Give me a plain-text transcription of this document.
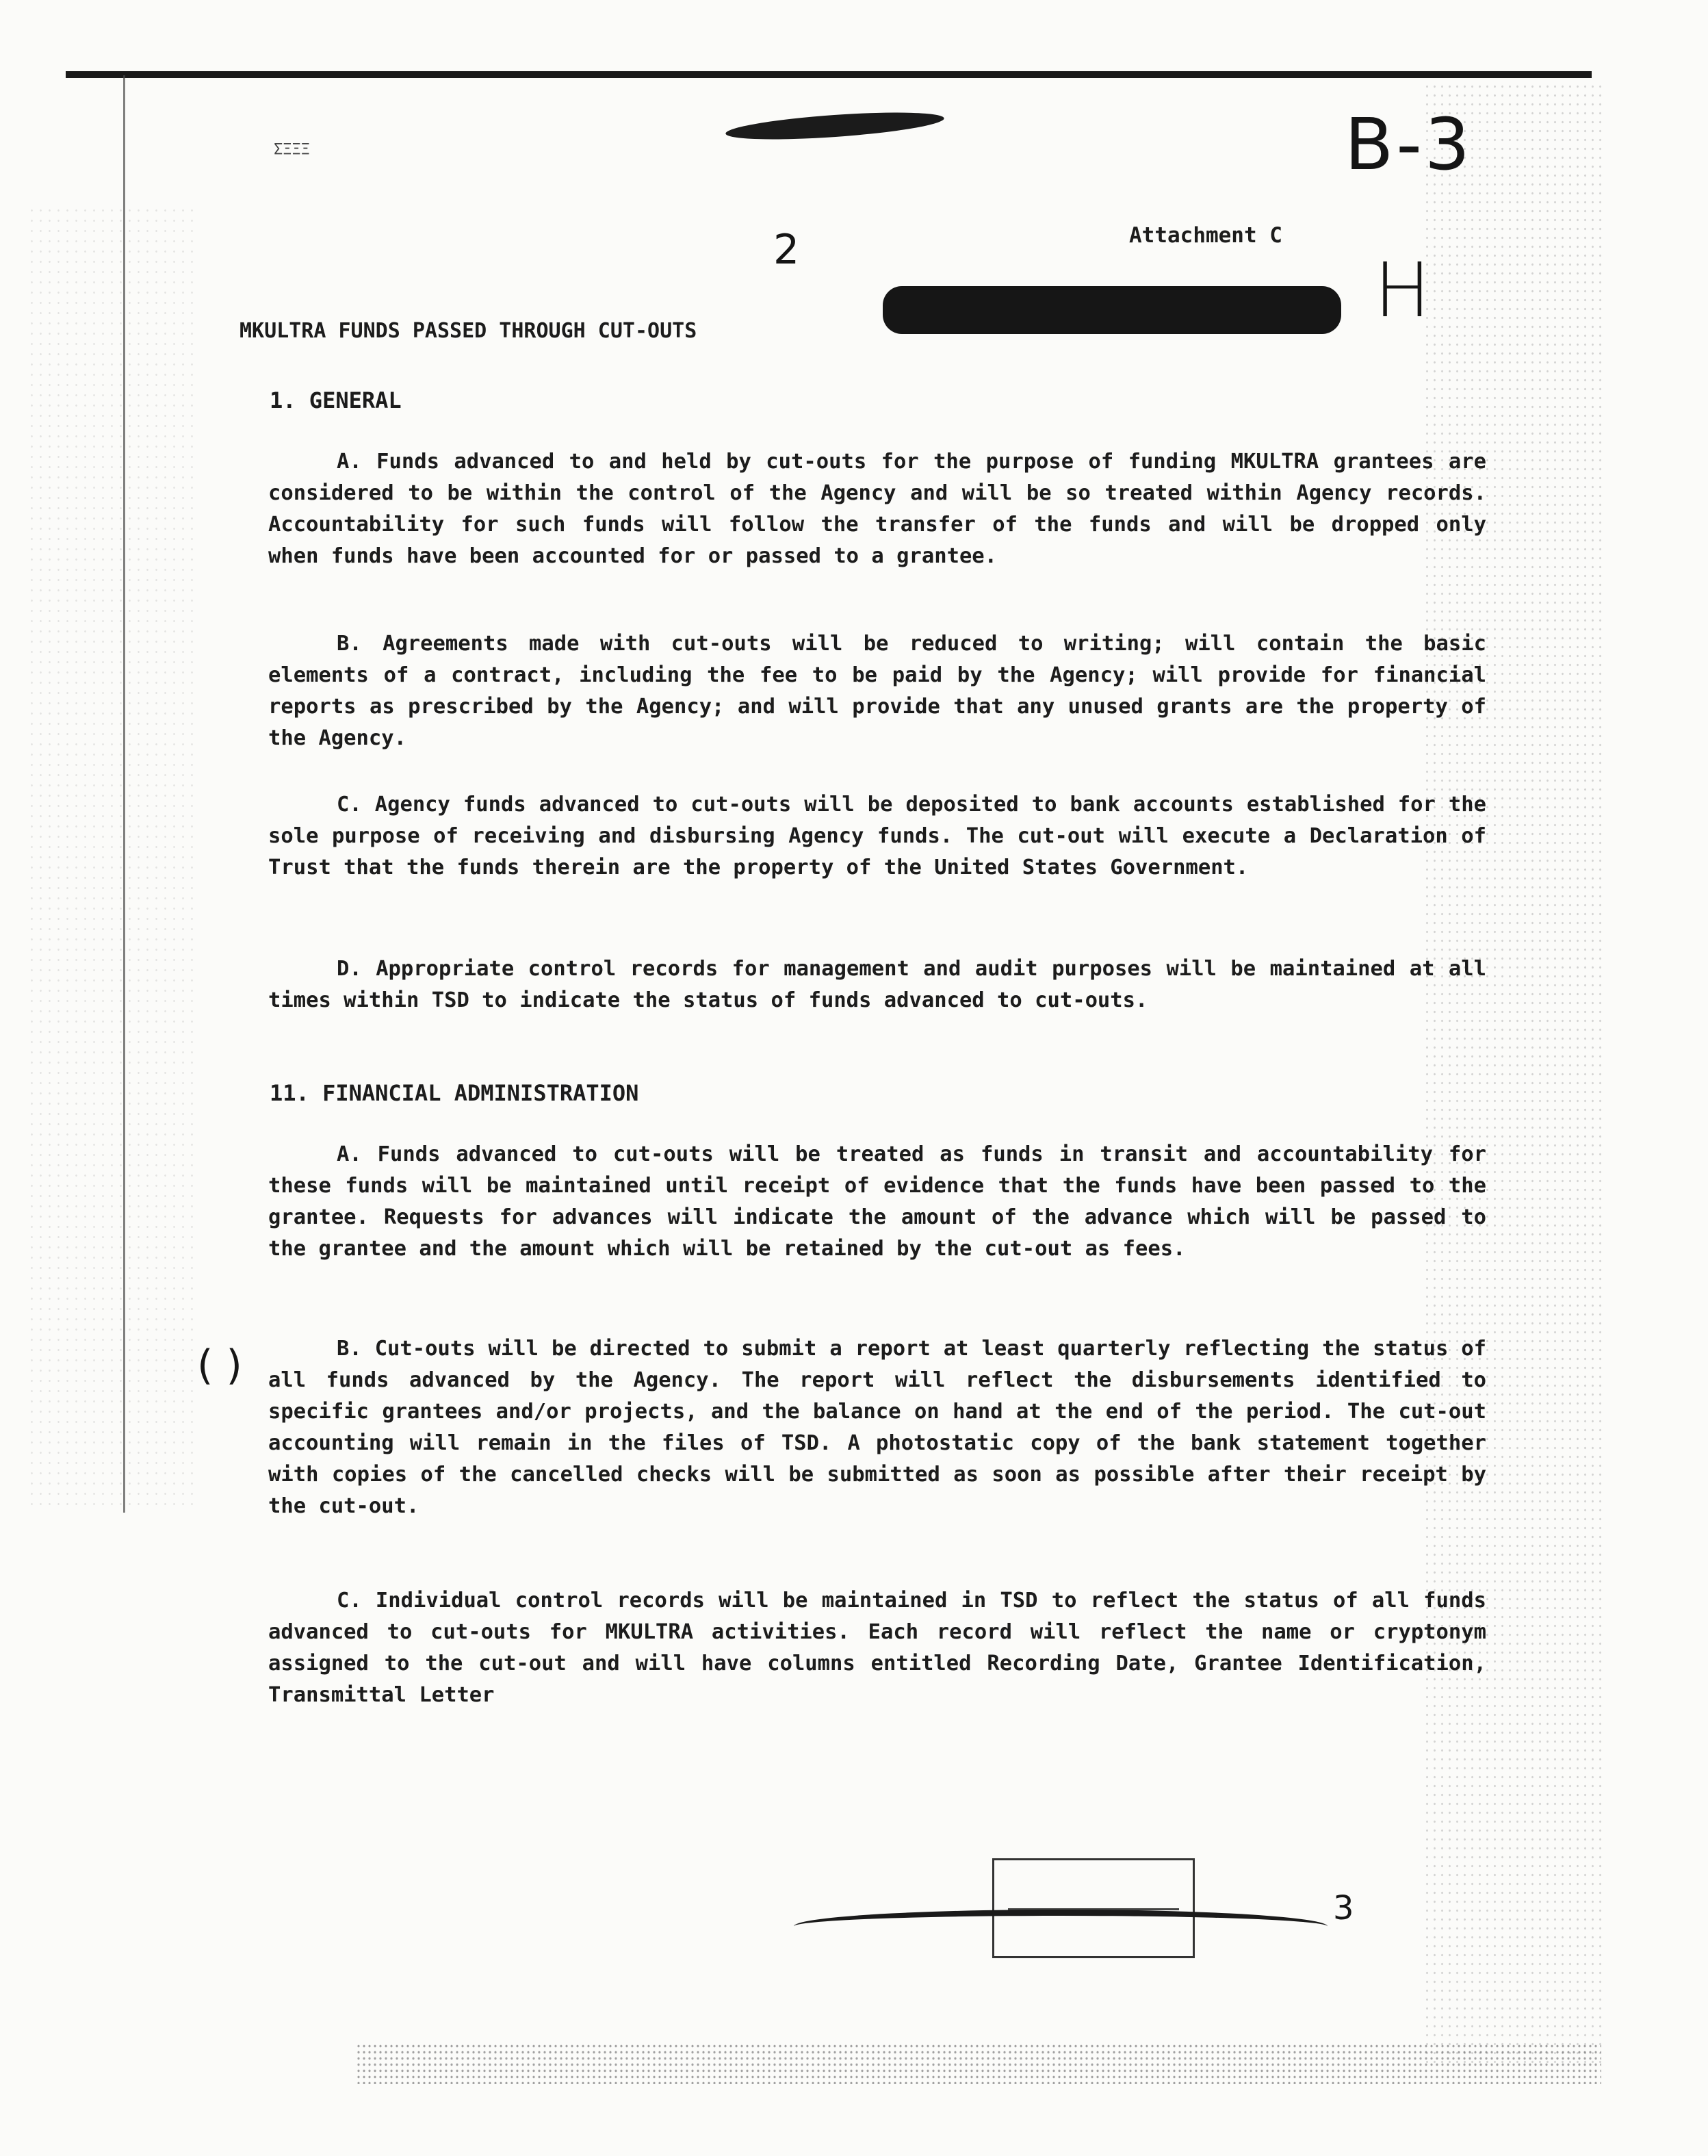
ΣΞΞΞ	B-3

2	H

( )

Attachment C

MKULTRA FUNDS PASSED THROUGH CUT-OUTS

1. GENERAL

A. Funds advanced to and held by cut-outs for the purpose of funding MKULTRA grantees are considered to be within the control of the Agency and will be so treated within Agency records. Accountability for such funds will follow the transfer of the funds and will be dropped only when funds have been accounted for or passed to a grantee.

B. Agreements made with cut-outs will be reduced to writing; will contain the basic elements of a contract, including the fee to be paid by the Agency; will provide for financial reports as prescribed by the Agency; and will provide that any unused grants are the property of the Agency.

C. Agency funds advanced to cut-outs will be deposited to bank accounts established for the sole purpose of receiving and disbursing Agency funds. The cut-out will execute a Declaration of Trust that the funds therein are the property of the United States Government.

D. Appropriate control records for management and audit purposes will be maintained at all times within TSD to indicate the status of funds advanced to cut-outs.

11. FINANCIAL ADMINISTRATION

A. Funds advanced to cut-outs will be treated as funds in transit and accountability for these funds will be maintained until receipt of evidence that the funds have been passed to the grantee. Requests for advances will indicate the amount of the advance which will be passed to the grantee and the amount which will be retained by the cut-out as fees.

B. Cut-outs will be directed to submit a report at least quarterly reflecting the status of all funds advanced by the Agency. The report will reflect the disbursements identified to specific grantees and/or projects, and the balance on hand at the end of the period. The cut-out accounting will remain in the files of TSD. A photostatic copy of the bank statement together with copies of the cancelled checks will be submitted as soon as possible after their receipt by the cut-out.

C. Individual control records will be maintained in TSD to reflect the status of all funds advanced to cut-outs for MKULTRA activities. Each record will reflect the name or cryptonym assigned to the cut-out and will have columns entitled Recording Date, Grantee Identification, Transmittal Letter

3
